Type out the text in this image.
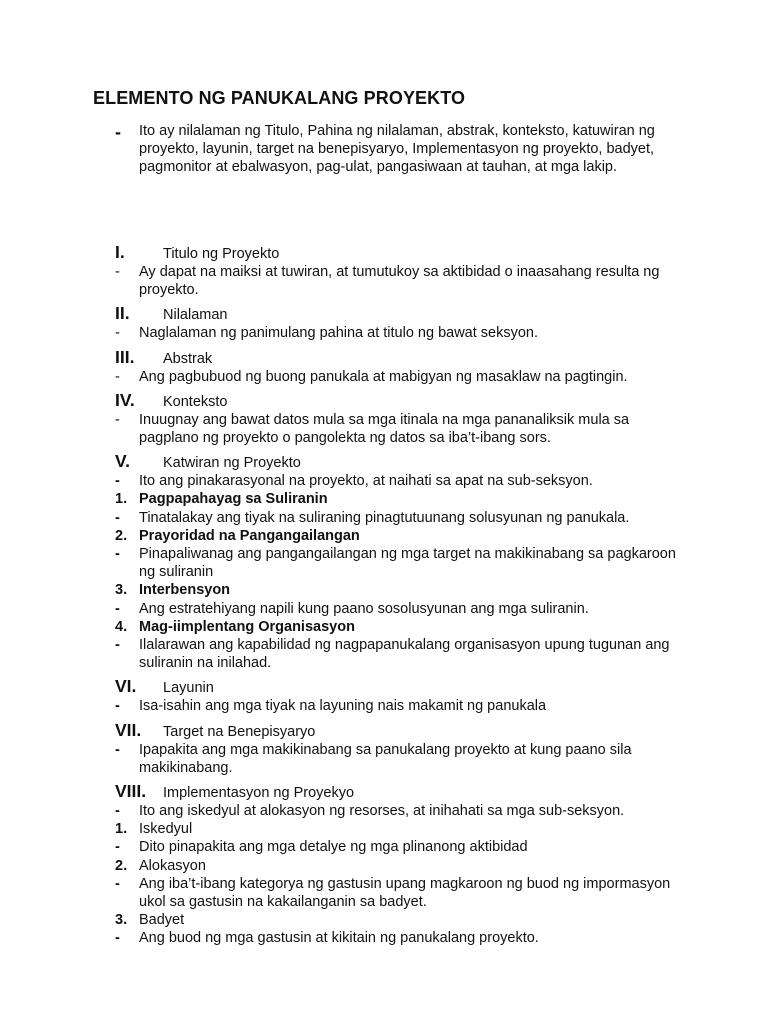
ELEMENTO NG PANUKALANG PROYEKTO
- Ito ay nilalaman ng Titulo, Pahina ng nilalaman, abstrak, konteksto, katuwiran ng proyekto, layunin, target na benepisyaryo, Implementasyon ng proyekto, badyet, pagmonitor at ebalwasyon, pag-ulat, pangasiwaan at tauhan, at mga lakip.
I.	Titulo ng Proyekto
-	Ay dapat na maiksi at tuwiran, at tumutukoy sa aktibidad o inaasahang resulta ng proyekto.
II.	Nilalaman
-	Naglalaman ng panimulang pahina at titulo ng bawat seksyon.
III.	Abstrak
-	Ang pagbubuod ng buong panukala at mabigyan ng masaklaw na pagtingin.
IV.	Konteksto
-	Inuugnay ang bawat datos mula sa mga itinala na mga pananaliksik mula sa pagplano ng proyekto o pangolekta ng datos sa iba’t-ibang sors.
V.	Katwiran ng Proyekto
-	Ito ang pinakarasyonal na proyekto, at naihati sa apat na sub-seksyon.
1. Pagpapahayag sa Suliranin
-	Tinatalakay ang tiyak na suliraning pinagtutuunang solusyunan ng panukala.
2. Prayoridad na Pangangailangan
-	Pinapaliwanag ang pangangailangan ng mga target na makikinabang sa pagkaroon ng suliranin
3. Interbensyon
-	Ang estratehiyang napili kung paano sosolusyunan ang mga suliranin.
4. Mag-iimplentang Organisasyon
-	Ilalarawan ang kapabilidad ng nagpapanukalang organisasyon upung tugunan ang suliranin na inilahad.
VI.	Layunin
-	Isa-isahin ang mga tiyak na layuning nais makamit ng panukala
VII.	Target na Benepisyaryo
-	Ipapakita ang mga makikinabang sa panukalang proyekto at kung paano sila makikinabang.
VIII.	Implementasyon ng Proyekyo
-	Ito ang iskedyul at alokasyon ng resorses, at inihahati sa mga sub-seksyon.
1. Iskedyul
-	Dito pinapakita ang mga detalye ng mga plinanong aktibidad
2. Alokasyon
-	Ang iba’t-ibang kategorya ng gastusin upang magkaroon ng buod ng impormasyon ukol sa gastusin na kakailanganin sa badyet.
3. Badyet
-	Ang buod ng mga gastusin at kikitain ng panukalang proyekto.
